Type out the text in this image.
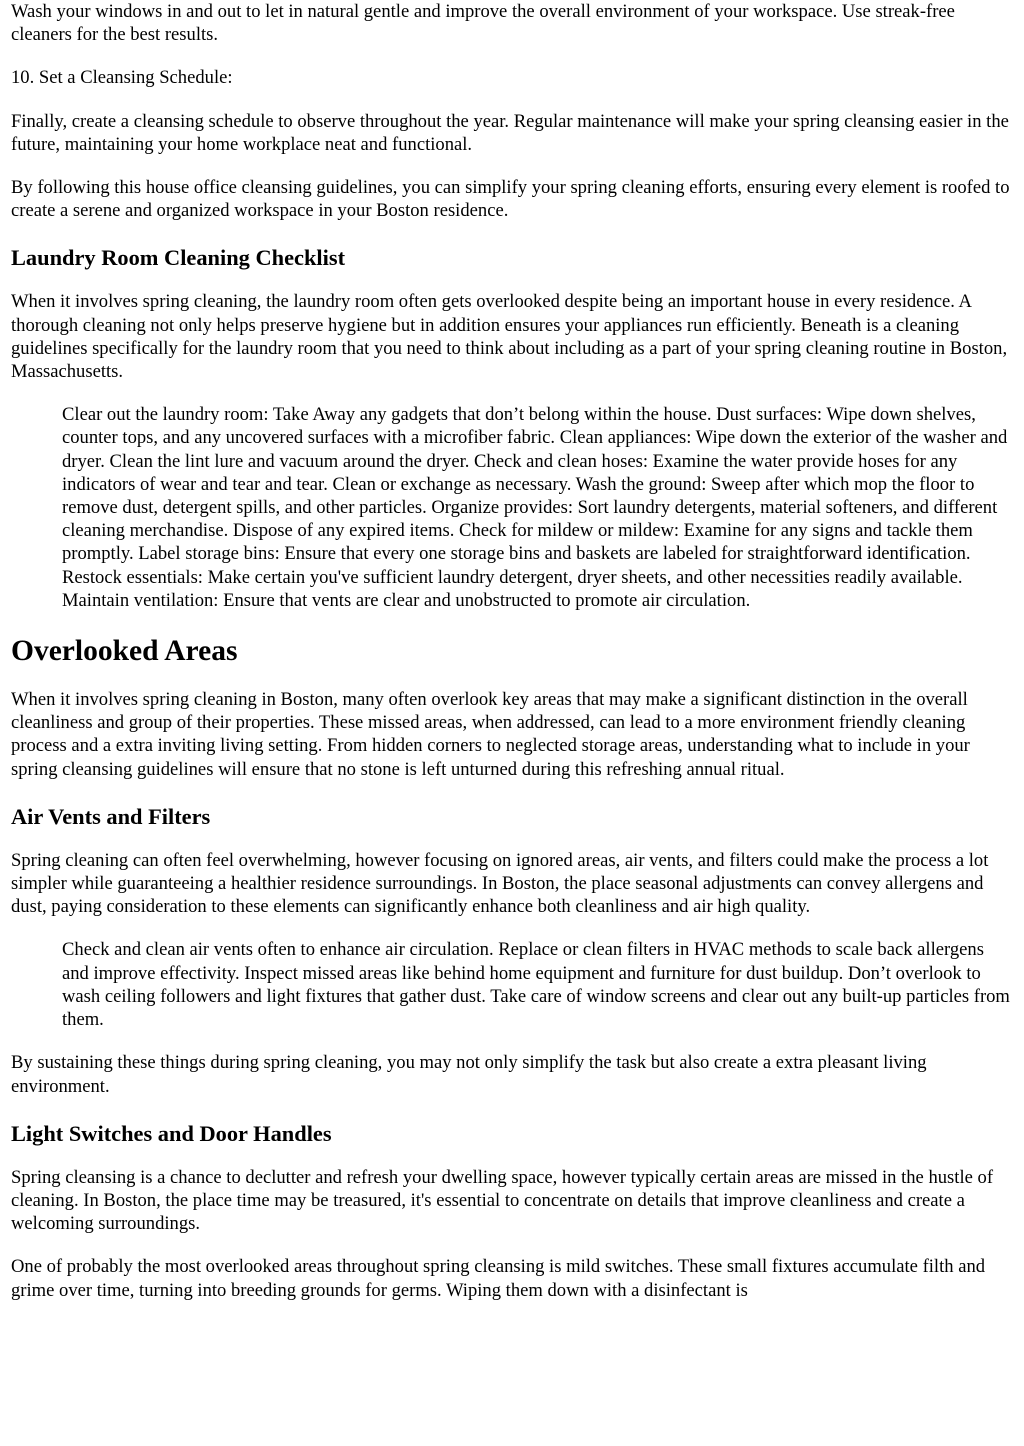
Wash your windows in and out to let in natural gentle and improve the overall environment of your workspace. Use streak-free cleaners for the best results.

10. Set a Cleansing Schedule:

Finally, create a cleansing schedule to observe throughout the year. Regular maintenance will make your spring cleansing easier in the future, maintaining your home workplace neat and functional.

By following this house office cleansing guidelines, you can simplify your spring cleaning efforts, ensuring every element is roofed to create a serene and organized workspace in your Boston residence.

Laundry Room Cleaning Checklist

When it involves spring cleaning, the laundry room often gets overlooked despite being an important house in every residence. A thorough cleaning not only helps preserve hygiene but in addition ensures your appliances run efficiently. Beneath is a cleaning guidelines specifically for the laundry room that you need to think about including as a part of your spring cleaning routine in Boston, Massachusetts.

Clear out the laundry room: Take Away any gadgets that don’t belong within the house. Dust surfaces: Wipe down shelves, counter tops, and any uncovered surfaces with a microfiber fabric. Clean appliances: Wipe down the exterior of the washer and dryer. Clean the lint lure and vacuum around the dryer. Check and clean hoses: Examine the water provide hoses for any indicators of wear and tear and tear. Clean or exchange as necessary. Wash the ground: Sweep after which mop the floor to remove dust, detergent spills, and other particles. Organize provides: Sort laundry detergents, material softeners, and different cleaning merchandise. Dispose of any expired items. Check for mildew or mildew: Examine for any signs and tackle them promptly. Label storage bins: Ensure that every one storage bins and baskets are labeled for straightforward identification. Restock essentials: Make certain you've sufficient laundry detergent, dryer sheets, and other necessities readily available. Maintain ventilation: Ensure that vents are clear and unobstructed to promote air circulation.
Overlooked Areas

When it involves spring cleaning in Boston, many often overlook key areas that may make a significant distinction in the overall cleanliness and group of their properties. These missed areas, when addressed, can lead to a more environment friendly cleaning process and a extra inviting living setting. From hidden corners to neglected storage areas, understanding what to include in your spring cleansing guidelines will ensure that no stone is left unturned during this refreshing annual ritual.

Air Vents and Filters

Spring cleaning can often feel overwhelming, however focusing on ignored areas, air vents, and filters could make the process a lot simpler while guaranteeing a healthier residence surroundings. In Boston, the place seasonal adjustments can convey allergens and dust, paying consideration to these elements can significantly enhance both cleanliness and air high quality.

Check and clean air vents often to enhance air circulation. Replace or clean filters in HVAC methods to scale back allergens and improve effectivity. Inspect missed areas like behind home equipment and furniture for dust buildup. Don’t overlook to wash ceiling followers and light fixtures that gather dust. Take care of window screens and clear out any built-up particles from them.

By sustaining these things during spring cleaning, you may not only simplify the task but also create a extra pleasant living environment.

Light Switches and Door Handles

Spring cleansing is a chance to declutter and refresh your dwelling space, however typically certain areas are missed in the hustle of cleaning. In Boston, the place time may be treasured, it's essential to concentrate on details that improve cleanliness and create a welcoming surroundings.

One of probably the most overlooked areas throughout spring cleansing is mild switches. These small fixtures accumulate filth and grime over time, turning into breeding grounds for germs. Wiping them down with a disinfectant is
